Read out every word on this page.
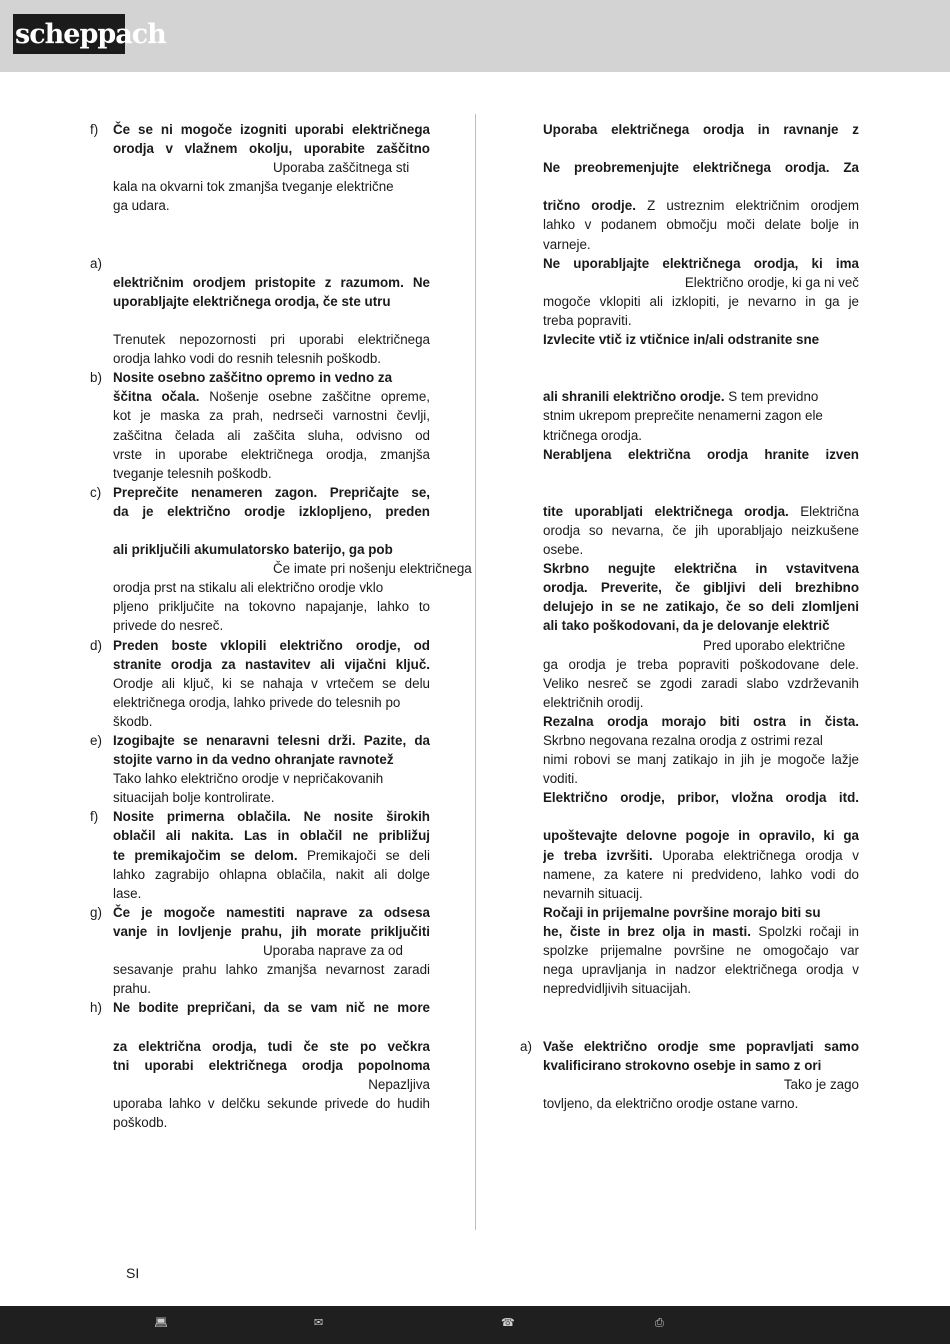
scheppach
f) Če se ni mogoče izogniti uporabi električnega
orodja v vlažnem okolju, uporabite zaščitno
Uporaba zaščitnega sti
kala na okvarni tok zmanjša tveganje električne
ga udara.
a)
električnim orodjem pristopite z razumom. Ne
uporabljajte električnega orodja, če ste utru
Trenutek nepozornosti pri uporabi električnega
orodja lahko vodi do resnih telesnih poškodb.
b) Nosite osebno zaščitno opremo in vedno za
ščitna očala. Nošenje osebne zaščitne opreme,
kot je maska za prah, nedrseči varnostni čevlji,
zaščitna čelada ali zaščita sluha, odvisno od
vrste in uporabe električnega orodja, zmanjša
tveganje telesnih poškodb.
c) Preprečite nenameren zagon. Prepričajte se,
da je električno orodje izklopljeno, preden
ali priključili akumulatorsko baterijo, ga pob
Če imate pri nošenju električnega
orodja prst na stikalu ali električno orodje vklo
pljeno priključite na tokovno napajanje, lahko to
privede do nesreč.
d) Preden boste vklopili električno orodje, od
stranite orodja za nastavitev ali vijačni ključ.
Orodje ali ključ, ki se nahaja v vrtečem se delu
električnega orodja, lahko privede do telesnih po
škodb.
e) Izogibajte se nenaravni telesni drži. Pazite, da
stojite varno in da vedno ohranjate ravnotež
Tako lahko električno orodje v nepričakovanih
situacijah bolje kontrolirate.
f) Nosite primerna oblačila. Ne nosite širokih
oblačil ali nakita. Las in oblačil ne približuj
te premikajočim se delom. Premikajoči se deli
lahko zagrabijo ohlapna oblačila, nakit ali dolge
lase.
g) Če je mogoče namestiti naprave za odsesa
vanje in lovljenje prahu, jih morate priključiti
Uporaba naprave za od
sesavanje prahu lahko zmanjša nevarnost zaradi
prahu.
h) Ne bodite prepričani, da se vam nič ne more
za električna orodja, tudi če ste po večkra
tni uporabi električnega orodja popolnoma
Nepazljiva
uporaba lahko v delčku sekunde privede do hudih
poškodb.
Uporaba električnega orodja in ravnanje z
Ne preobremenjujte električnega orodja. Za
trično orodje. Z ustreznim električnim orodjem
lahko v podanem območju moči delate bolje in
varneje.
Ne uporabljajte električnega orodja, ki ima
Električno orodje, ki ga ni več
mogoče vklopiti ali izklopiti, je nevarno in ga je
treba popraviti.
Izvlecite vtič iz vtičnice in/ali odstranite sne
ali shranili električno orodje. S tem previdno
stnim ukrepom preprečite nenamerni zagon ele
ktričnega orodja.
Nerabljena električna orodja hranite izven
tite uporabljati električnega orodja. Električna
orodja so nevarna, če jih uporabljajo neizkušene
osebe.
Skrbno negujte električna in vstavitvena
orodja. Preverite, če gibljivi deli brezhibno
delujejo in se ne zatikajo, če so deli zlomljeni
ali tako poškodovani, da je delovanje električ
Pred uporabo električne
ga orodja je treba popraviti poškodovane dele.
Veliko nesreč se zgodi zaradi slabo vzdrževanih
električnih orodij.
Rezalna orodja morajo biti ostra in čista.
Skrbno negovana rezalna orodja z ostrimi rezal
nimi robovi se manj zatikajo in jih je mogoče lažje
voditi.
Električno orodje, pribor, vložna orodja itd.
upoštevajte delovne pogoje in opravilo, ki ga
je treba izvršiti. Uporaba električnega orodja v
namene, za katere ni predvideno, lahko vodi do
nevarnih situacij.
Ročaji in prijemalne površine morajo biti su
he, čiste in brez olja in masti. Spolzki ročaji in
spolzke prijemalne površine ne omogočajo var
nega upravljanja in nadzor električnega orodja v
nepredvidljivih situacijah.
a) Vaše električno orodje sme popravljati samo
kvalificirano strokovno osebje in samo z ori
Tako je zago
tovljeno, da električno orodje ostane varno.
SI
💻︎	✉	☎	⎙
